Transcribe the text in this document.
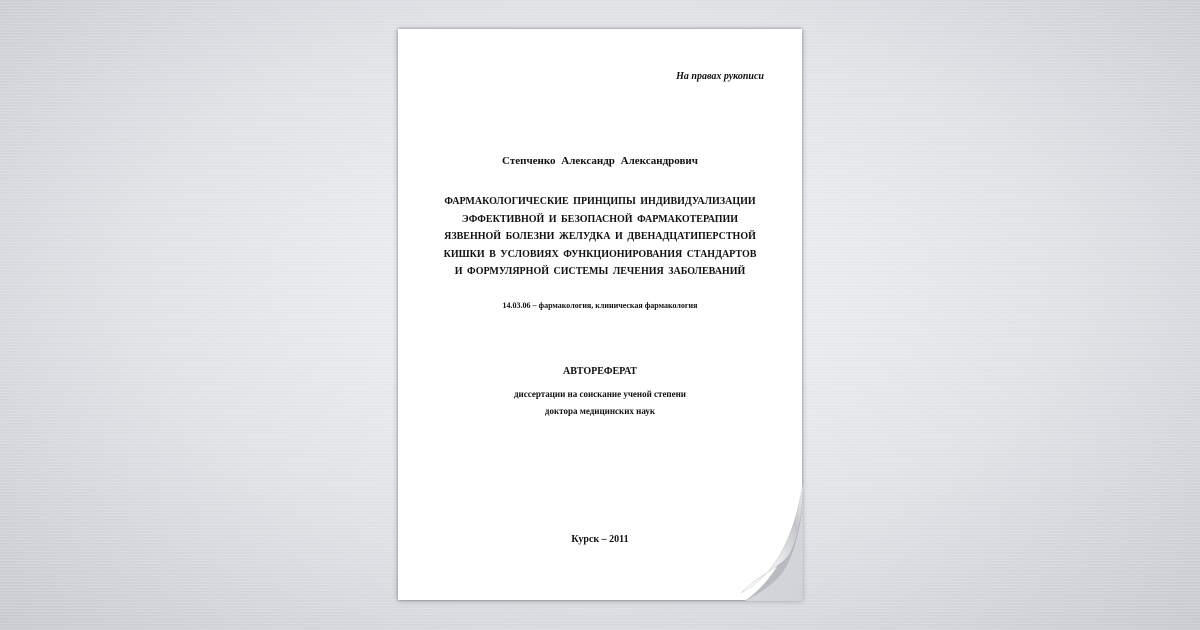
На правах рукописи

Степченко Александр Александрович

ФАРМАКОЛОГИЧЕСКИЕ ПРИНЦИПЫ ИНДИВИДУАЛИЗАЦИИ
ЭФФЕКТИВНОЙ И БЕЗОПАСНОЙ ФАРМАКОТЕРАПИИ
ЯЗВЕННОЙ БОЛЕЗНИ ЖЕЛУДКА И ДВЕНАДЦАТИПЕРСТНОЙ
КИШКИ В УСЛОВИЯХ ФУНКЦИОНИРОВАНИЯ СТАНДАРТОВ
И ФОРМУЛЯРНОЙ СИСТЕМЫ ЛЕЧЕНИЯ ЗАБОЛЕВАНИЙ

14.03.06 – фармакология, клиническая фармакология

АВТОРЕФЕРАТ

диссертации на соискание ученой степени
доктора медицинских наук

Курск – 2011
